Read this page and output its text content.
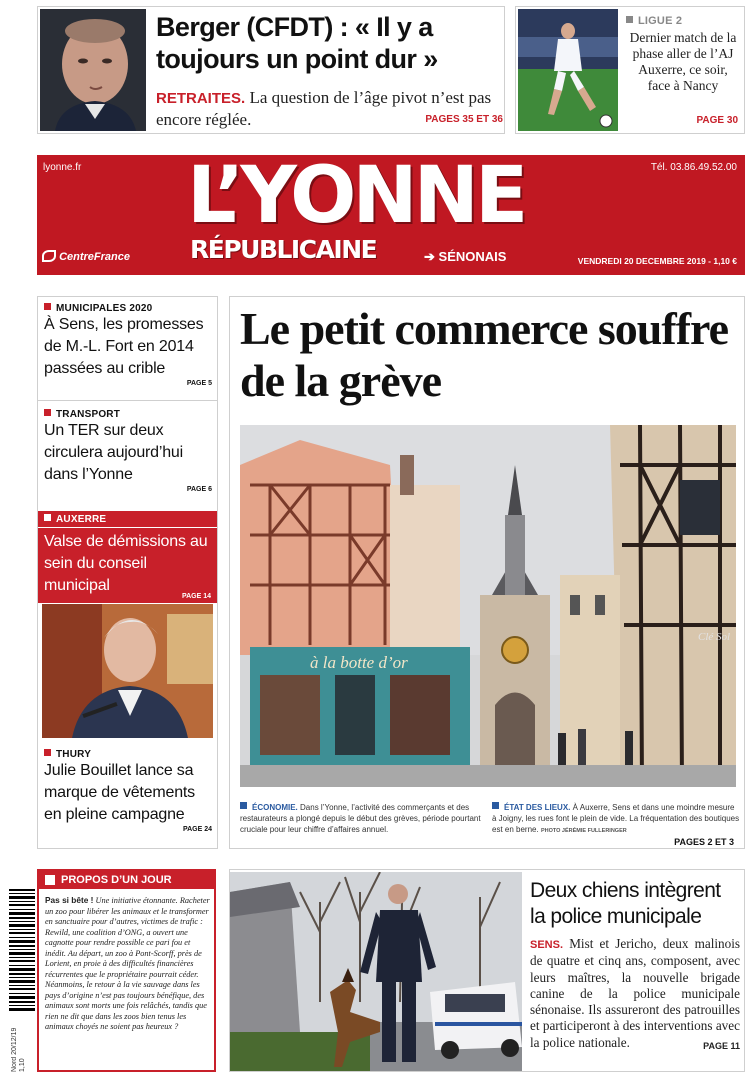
Berger (CFDT) : « Il y a toujours un point dur »
RETRAITES. La question de l’âge pivot n’est pas encore réglée.	PAGES 35 ET 36
LIGUE 2
Dernier match de la phase aller de l’AJ Auxerre, ce soir, face à Nancy
PAGE 30
lyonne.fr	Tél. 03.86.49.52.00
L’YONNE
RÉPUBLICAINE	➔ SÉNONAIS
CentreFrance	VENDREDI 20 DECEMBRE 2019 - 1,10 €
MUNICIPALES 2020
À Sens, les promesses de M.-L. Fort en 2014 passées au crible
PAGE 5
TRANSPORT
Un TER sur deux circulera aujourd’hui dans l’Yonne
PAGE 6
AUXERRE
Valse de démissions au sein du conseil municipal
PAGE 14
THURY
Julie Bouillet lance sa marque de vêtements en pleine campagne
PAGE 24
Le petit commerce souffre de la grève
à la botte d’or
Clé Sol
ÉCONOMIE. Dans l’Yonne, l’activité des commerçants et des restaurateurs a plongé depuis le début des grèves, période pourtant cruciale pour leur chiffre d’affaires annuel.
ÉTAT DES LIEUX. À Auxerre, Sens et dans une moindre mesure à Joigny, les rues font le plein de vide. La fréquentation des boutiques est en berne. PHOTO JÉRÉMIE FULLERINGER
PAGES 2 ET 3
Nord 20/12/19 1,10
PROPOS D’UN JOUR
Pas si bête ! Une initiative étonnante. Racheter un zoo pour libérer les animaux et le transformer en sanctuaire pour d’autres, victimes de trafic : Rewild, une coalition d’ONG, a ouvert une cagnotte pour rendre possible ce pari fou et inédit. Au départ, un zoo à Pont-Scorff, près de Lorient, en proie à des difficultés financières récurrentes que le propriétaire pourrait céder. Néanmoins, le retour à la vie sauvage dans les pays d’origine n’est pas toujours bénéfique, des animaux sont morts une fois relâchés, tandis que rien ne dit que dans les zoos bien tenus les animaux choyés ne soient pas heureux ?
Deux chiens intègrent la police municipale
SENS. Mist et Jericho, deux malinois de quatre et cinq ans, composent, avec leurs maîtres, la nouvelle brigade canine de la police municipale sénonaise. Ils assureront des patrouilles et participeront à des interventions avec la police nationale.	PAGE 11
